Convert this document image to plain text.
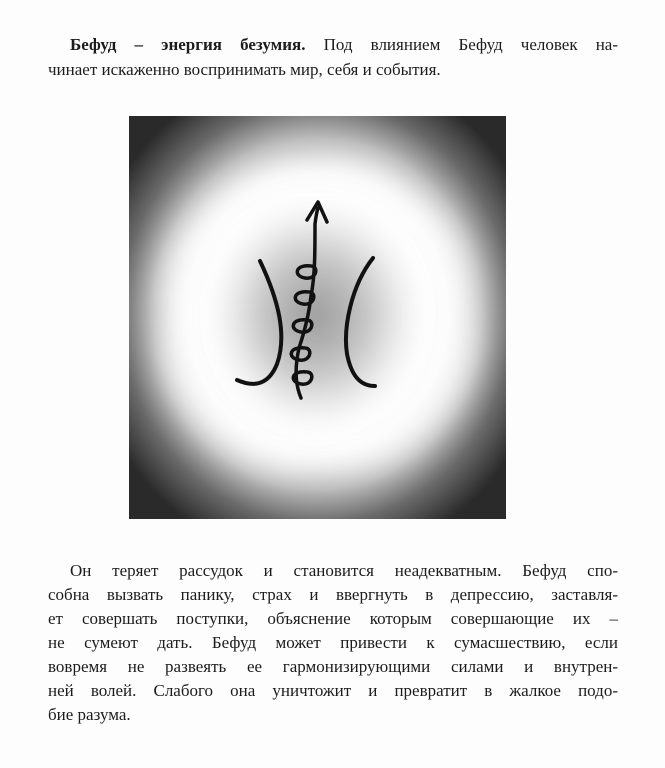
Бефуд – энергия безумия. Под влиянием Бефуд человек на-
чинает искаженно воспринимать мир, себя и события.
Он теряет рассудок и становится неадекватным. Бефуд спо-
собна вызвать панику, страх и ввергнуть в депрессию, заставля-
ет совершать поступки, объяснение которым совершающие их –
не сумеют дать. Бефуд может привести к сумасшествию, если
вовремя не развеять ее гармонизирующими силами и внутрен-
ней волей. Слабого она уничтожит и превратит в жалкое подо-
бие разума.
